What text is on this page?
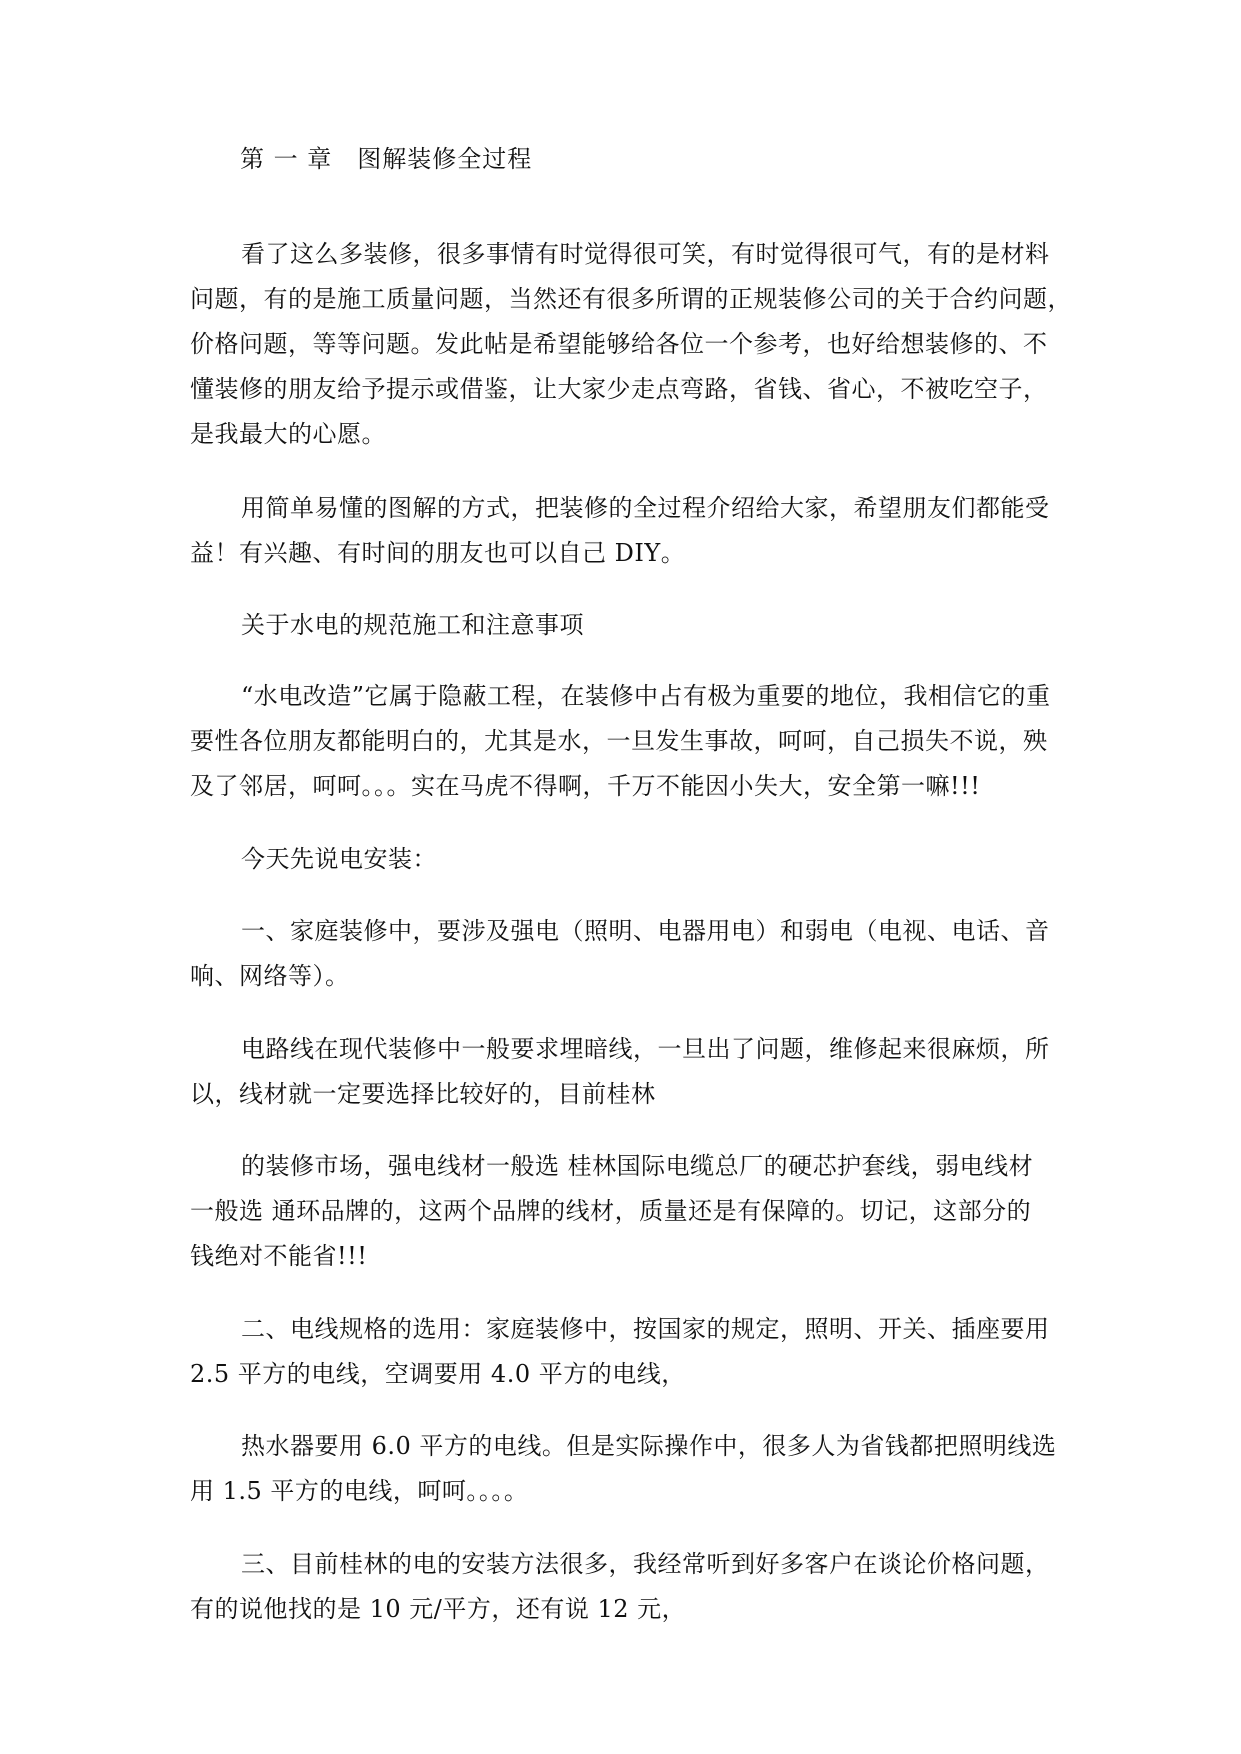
第 一 章　图解装修全过程
看了这么多装修，很多事情有时觉得很可笑，有时觉得很可气，有的是材料
问题，有的是施工质量问题，当然还有很多所谓的正规装修公司的关于合约问题，
价格问题，等等问题。发此帖是希望能够给各位一个参考，也好给想装修的、不
懂装修的朋友给予提示或借鉴，让大家少走点弯路，省钱、省心，不被吃空子，
是我最大的心愿。
用简单易懂的图解的方式，把装修的全过程介绍给大家，希望朋友们都能受
益！有兴趣、有时间的朋友也可以自己 DIY。
关于水电的规范施工和注意事项
“水电改造”它属于隐蔽工程，在装修中占有极为重要的地位，我相信它的重
要性各位朋友都能明白的，尤其是水，一旦发生事故，呵呵，自己损失不说，殃
及了邻居，呵呵。。。实在马虎不得啊，千万不能因小失大，安全第一嘛!!!
今天先说电安装：
一、家庭装修中，要涉及强电（照明、电器用电）和弱电（电视、电话、音
响、网络等）。
电路线在现代装修中一般要求埋暗线，一旦出了问题，维修起来很麻烦，所
以，线材就一定要选择比较好的，目前桂林
的装修市场，强电线材一般选 桂林国际电缆总厂的硬芯护套线，弱电线材
一般选 通环品牌的，这两个品牌的线材，质量还是有保障的。切记，这部分的
钱绝对不能省!!!
二、电线规格的选用：家庭装修中，按国家的规定，照明、开关、插座要用
2.5 平方的电线，空调要用 4.0 平方的电线，
热水器要用 6.0 平方的电线。但是实际操作中，很多人为省钱都把照明线选
用 1.5 平方的电线，呵呵。。。。
三、目前桂林的电的安装方法很多，我经常听到好多客户在谈论价格问题，
有的说他找的是 10 元/平方，还有说 12 元，
